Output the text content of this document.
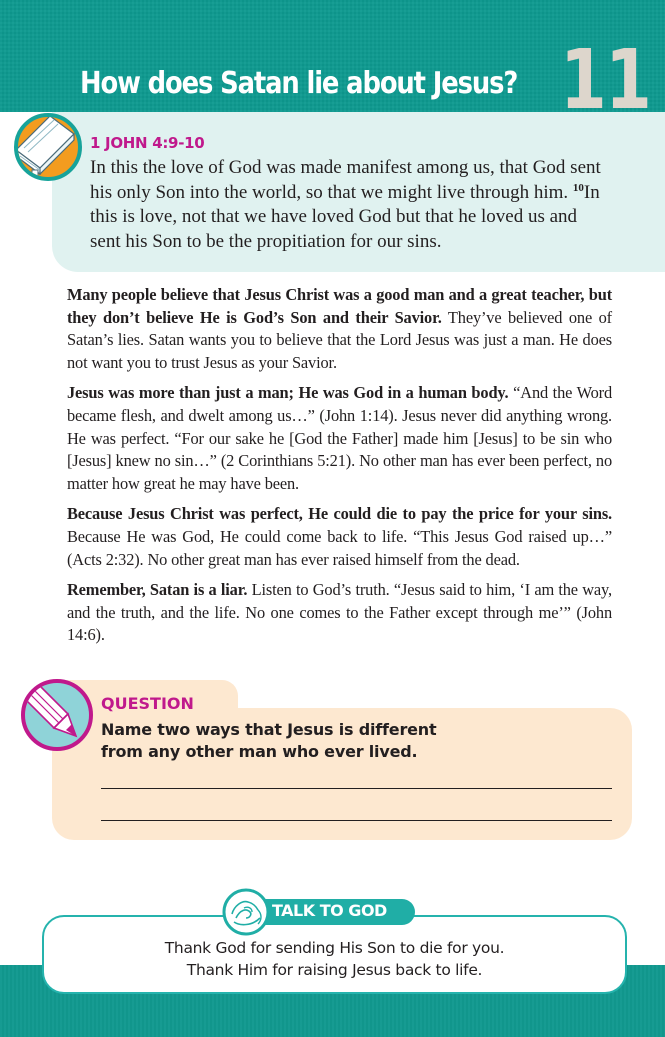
How does Satan lie about Jesus? 11
1 JOHN 4:9-10
In this the love of God was made manifest among us, that God sent his only Son into the world, so that we might live through him. $^{10}$In this is love, not that we have loved God but that he loved us and sent his Son to be the propitiation for our sins.

Many people believe that Jesus Christ was a good man and a great teacher, but they don’t believe He is God’s Son and their Savior. They’ve believed one of Satan’s lies. Satan wants you to believe that the Lord Jesus was just a man. He does not want you to trust Jesus as your Savior.

Jesus was more than just a man; He was God in a human body. “And the Word became flesh, and dwelt among us…” (John 1:14). Jesus never did anything wrong. He was perfect. “For our sake he [God the Father] made him [Jesus] to be sin who [Jesus] knew no sin…” (2 Corinthians 5:21). No other man has ever been perfect, no matter how great he may have been.

Because Jesus Christ was perfect, He could die to pay the price for your sins. Because He was God, He could come back to life. “This Jesus God raised up…” (Acts 2:32). No other great man has ever raised himself from the dead.

Remember, Satan is a liar. Listen to God’s truth. “Jesus said to him, ‘I am the way, and the truth, and the life. No one comes to the Father except through me’” (John 14:6).

QUESTION
Name two ways that Jesus is different
from any other man who ever lived.
TALK TO GOD
Thank God for sending His Son to die for you.
Thank Him for raising Jesus back to life.
